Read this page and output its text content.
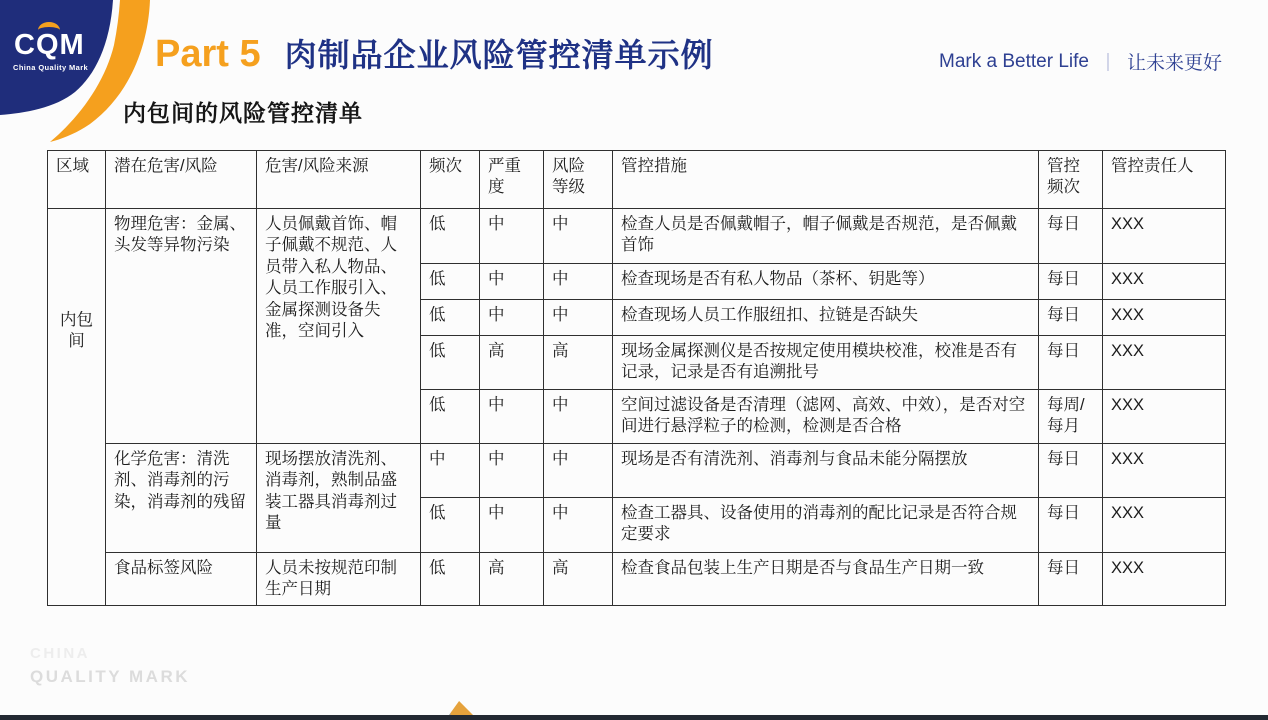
CQM
China Quality Mark Part 5 肉制品企业风险管控清单示例	Mark a Better Life ｜ 让未来更好
内包间的风险管控清单
区域	潜在危害/风险	危害/风险来源	频次	严重度	风险等级	管控措施	管控频次	管控责任人
内包间	物理危害：金属、头发等异物污染	人员佩戴首饰、帽子佩戴不规范、人员带入私人物品、人员工作服引入、金属探测设备失准，空间引入	低	中	中	检查人员是否佩戴帽子，帽子佩戴是否规范，是否佩戴首饰	每日	XXX
			低	中	中	检查现场是否有私人物品（茶杯、钥匙等）	每日	XXX
			低	中	中	检查现场人员工作服纽扣、拉链是否缺失	每日	XXX
			低	高	高	现场金属探测仪是否按规定使用模块校准，校准是否有记录，记录是否有追溯批号	每日	XXX
			低	中	中	空间过滤设备是否清理（滤网、高效、中效），是否对空间进行悬浮粒子的检测，检测是否合格	每周/每月	XXX
	化学危害：清洗剂、消毒剂的污染，消毒剂的残留	现场摆放清洗剂、消毒剂，熟制品盛装工器具消毒剂过量	中	中	中	现场是否有清洗剂、消毒剂与食品未能分隔摆放	每日	XXX
			低	中	中	检查工器具、设备使用的消毒剂的配比记录是否符合规定要求	每日	XXX
	食品标签风险	人员未按规范印制生产日期	低	高	高	检查食品包装上生产日期是否与食品生产日期一致	每日	XXX
CHINA
QUALITY MARK
